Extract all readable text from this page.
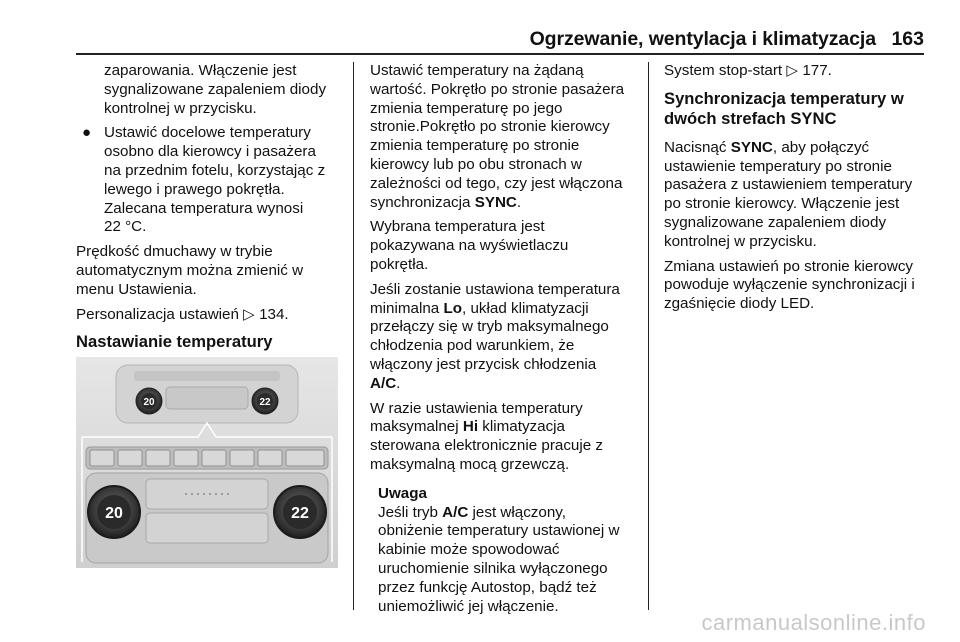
Ogrzewanie, wentylacja i klimatyzacja 163

zaparowania. Włączenie jest
sygnalizowane zapaleniem diody
kontrolnej w przycisku.

● Ustawić docelowe temperatury
osobno dla kierowcy i pasażera
na przednim fotelu, korzystając z
lewego i prawego pokrętła.
Zalecana temperatura wynosi
22 °C.

Prędkość dmuchawy w trybie
automatycznym można zmienić w
menu Ustawienia.

Personalizacja ustawień ▷ 134.

Nastawianie temperatury
20	22
20	22

Ustawić temperatury na żądaną
wartość. Pokrętło po stronie pasażera
zmienia temperaturę po jego
stronie.Pokrętło po stronie kierowcy
zmienia temperaturę po stronie
kierowcy lub po obu stronach w
zależności od tego, czy jest włączona
synchronizacja SYNC.

Wybrana temperatura jest
pokazywana na wyświetlaczu
pokrętła.

Jeśli zostanie ustawiona temperatura
minimalna Lo, układ klimatyzacji
przełączy się w tryb maksymalnego
chłodzenia pod warunkiem, że
włączony jest przycisk chłodzenia
A/C.

W razie ustawienia temperatury
maksymalnej Hi klimatyzacja
sterowana elektronicznie pracuje z
maksymalną mocą grzewczą.

Uwaga
Jeśli tryb A/C jest włączony,
obniżenie temperatury ustawionej w
kabinie może spowodować
uruchomienie silnika wyłączonego
przez funkcję Autostop, bądź też
uniemożliwić jej włączenie.

System stop-start ▷ 177.

Synchronizacja temperatury w
dwóch strefach SYNC

Nacisnąć SYNC, aby połączyć
ustawienie temperatury po stronie
pasażera z ustawieniem temperatury
po stronie kierowcy. Włączenie jest
sygnalizowane zapaleniem diody
kontrolnej w przycisku.

Zmiana ustawień po stronie kierowcy
powoduje wyłączenie synchronizacji i
zgaśnięcie diody LED.

carmanualsonline.info
